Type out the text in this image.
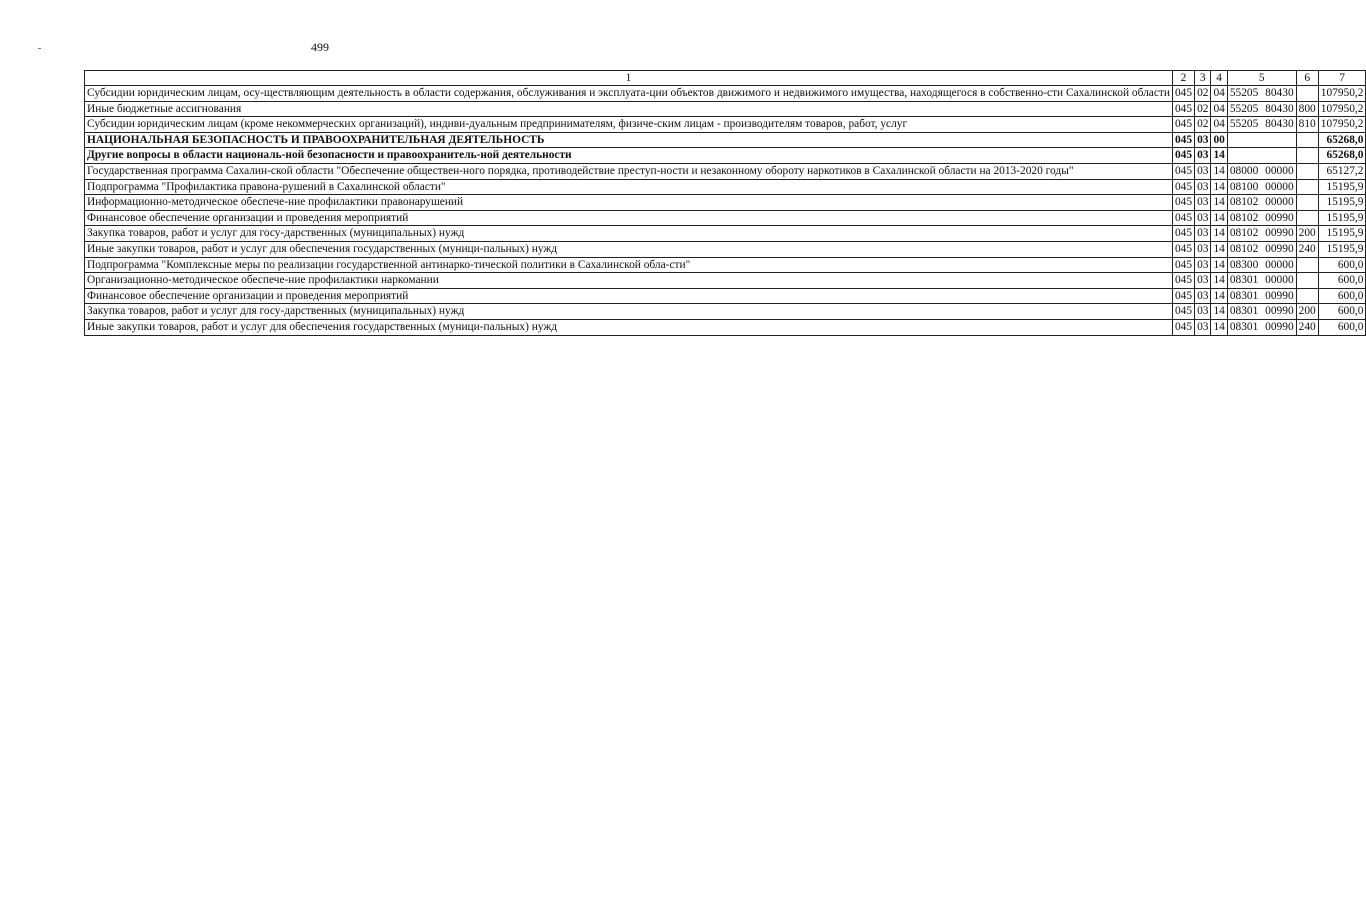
499
1	2	3	4	5	6	7
Субсидии юридическим лицам, осу-ществляющим деятельность в области содержания, обслуживания и эксплуата-ции объектов движимого и недвижимого имущества, находящегося в собственно-сти Сахалинской области	045	02	04	55205 80430		107950,2
Иные бюджетные ассигнования	045	02	04	55205 80430	800	107950,2
Субсидии юридическим лицам (кроме некоммерческих организаций), индиви-дуальным предпринимателям, физиче-ским лицам - производителям товаров, работ, услуг	045	02	04	55205 80430	810	107950,2
НАЦИОНАЛЬНАЯ БЕЗОПАСНОСТЬ И ПРАВООХРАНИТЕЛЬНАЯ ДЕЯТЕЛЬНОСТЬ	045	03	00			65268,0
Другие вопросы в области националь-ной безопасности и правоохранитель-ной деятельности	045	03	14			65268,0
Государственная программа Сахалин-ской области "Обеспечение обществен-ного порядка, противодействие преступ-ности и незаконному обороту наркотиков в Сахалинской области на 2013-2020 годы"	045	03	14	08000 00000		65127,2
Подпрограмма "Профилактика правона-рушений в Сахалинской области"	045	03	14	08100 00000		15195,9
Информационно-методическое обеспече-ние профилактики правонарушений	045	03	14	08102 00000		15195,9
Финансовое обеспечение организации и проведения мероприятий	045	03	14	08102 00990		15195,9
Закупка товаров, работ и услуг для госу-дарственных (муниципальных) нужд	045	03	14	08102 00990	200	15195,9
Иные закупки товаров, работ и услуг для обеспечения государственных (муници-пальных) нужд	045	03	14	08102 00990	240	15195,9
Подпрограмма "Комплексные меры по реализации государственной антинарко-тической политики в Сахалинской обла-сти"	045	03	14	08300 00000		600,0
Организационно-методическое обеспече-ние профилактики наркомании	045	03	14	08301 00000		600,0
Финансовое обеспечение организации и проведения мероприятий	045	03	14	08301 00990		600,0
Закупка товаров, работ и услуг для госу-дарственных (муниципальных) нужд	045	03	14	08301 00990	200	600,0
Иные закупки товаров, работ и услуг для обеспечения государственных (муници-пальных) нужд	045	03	14	08301 00990	240	600,0
